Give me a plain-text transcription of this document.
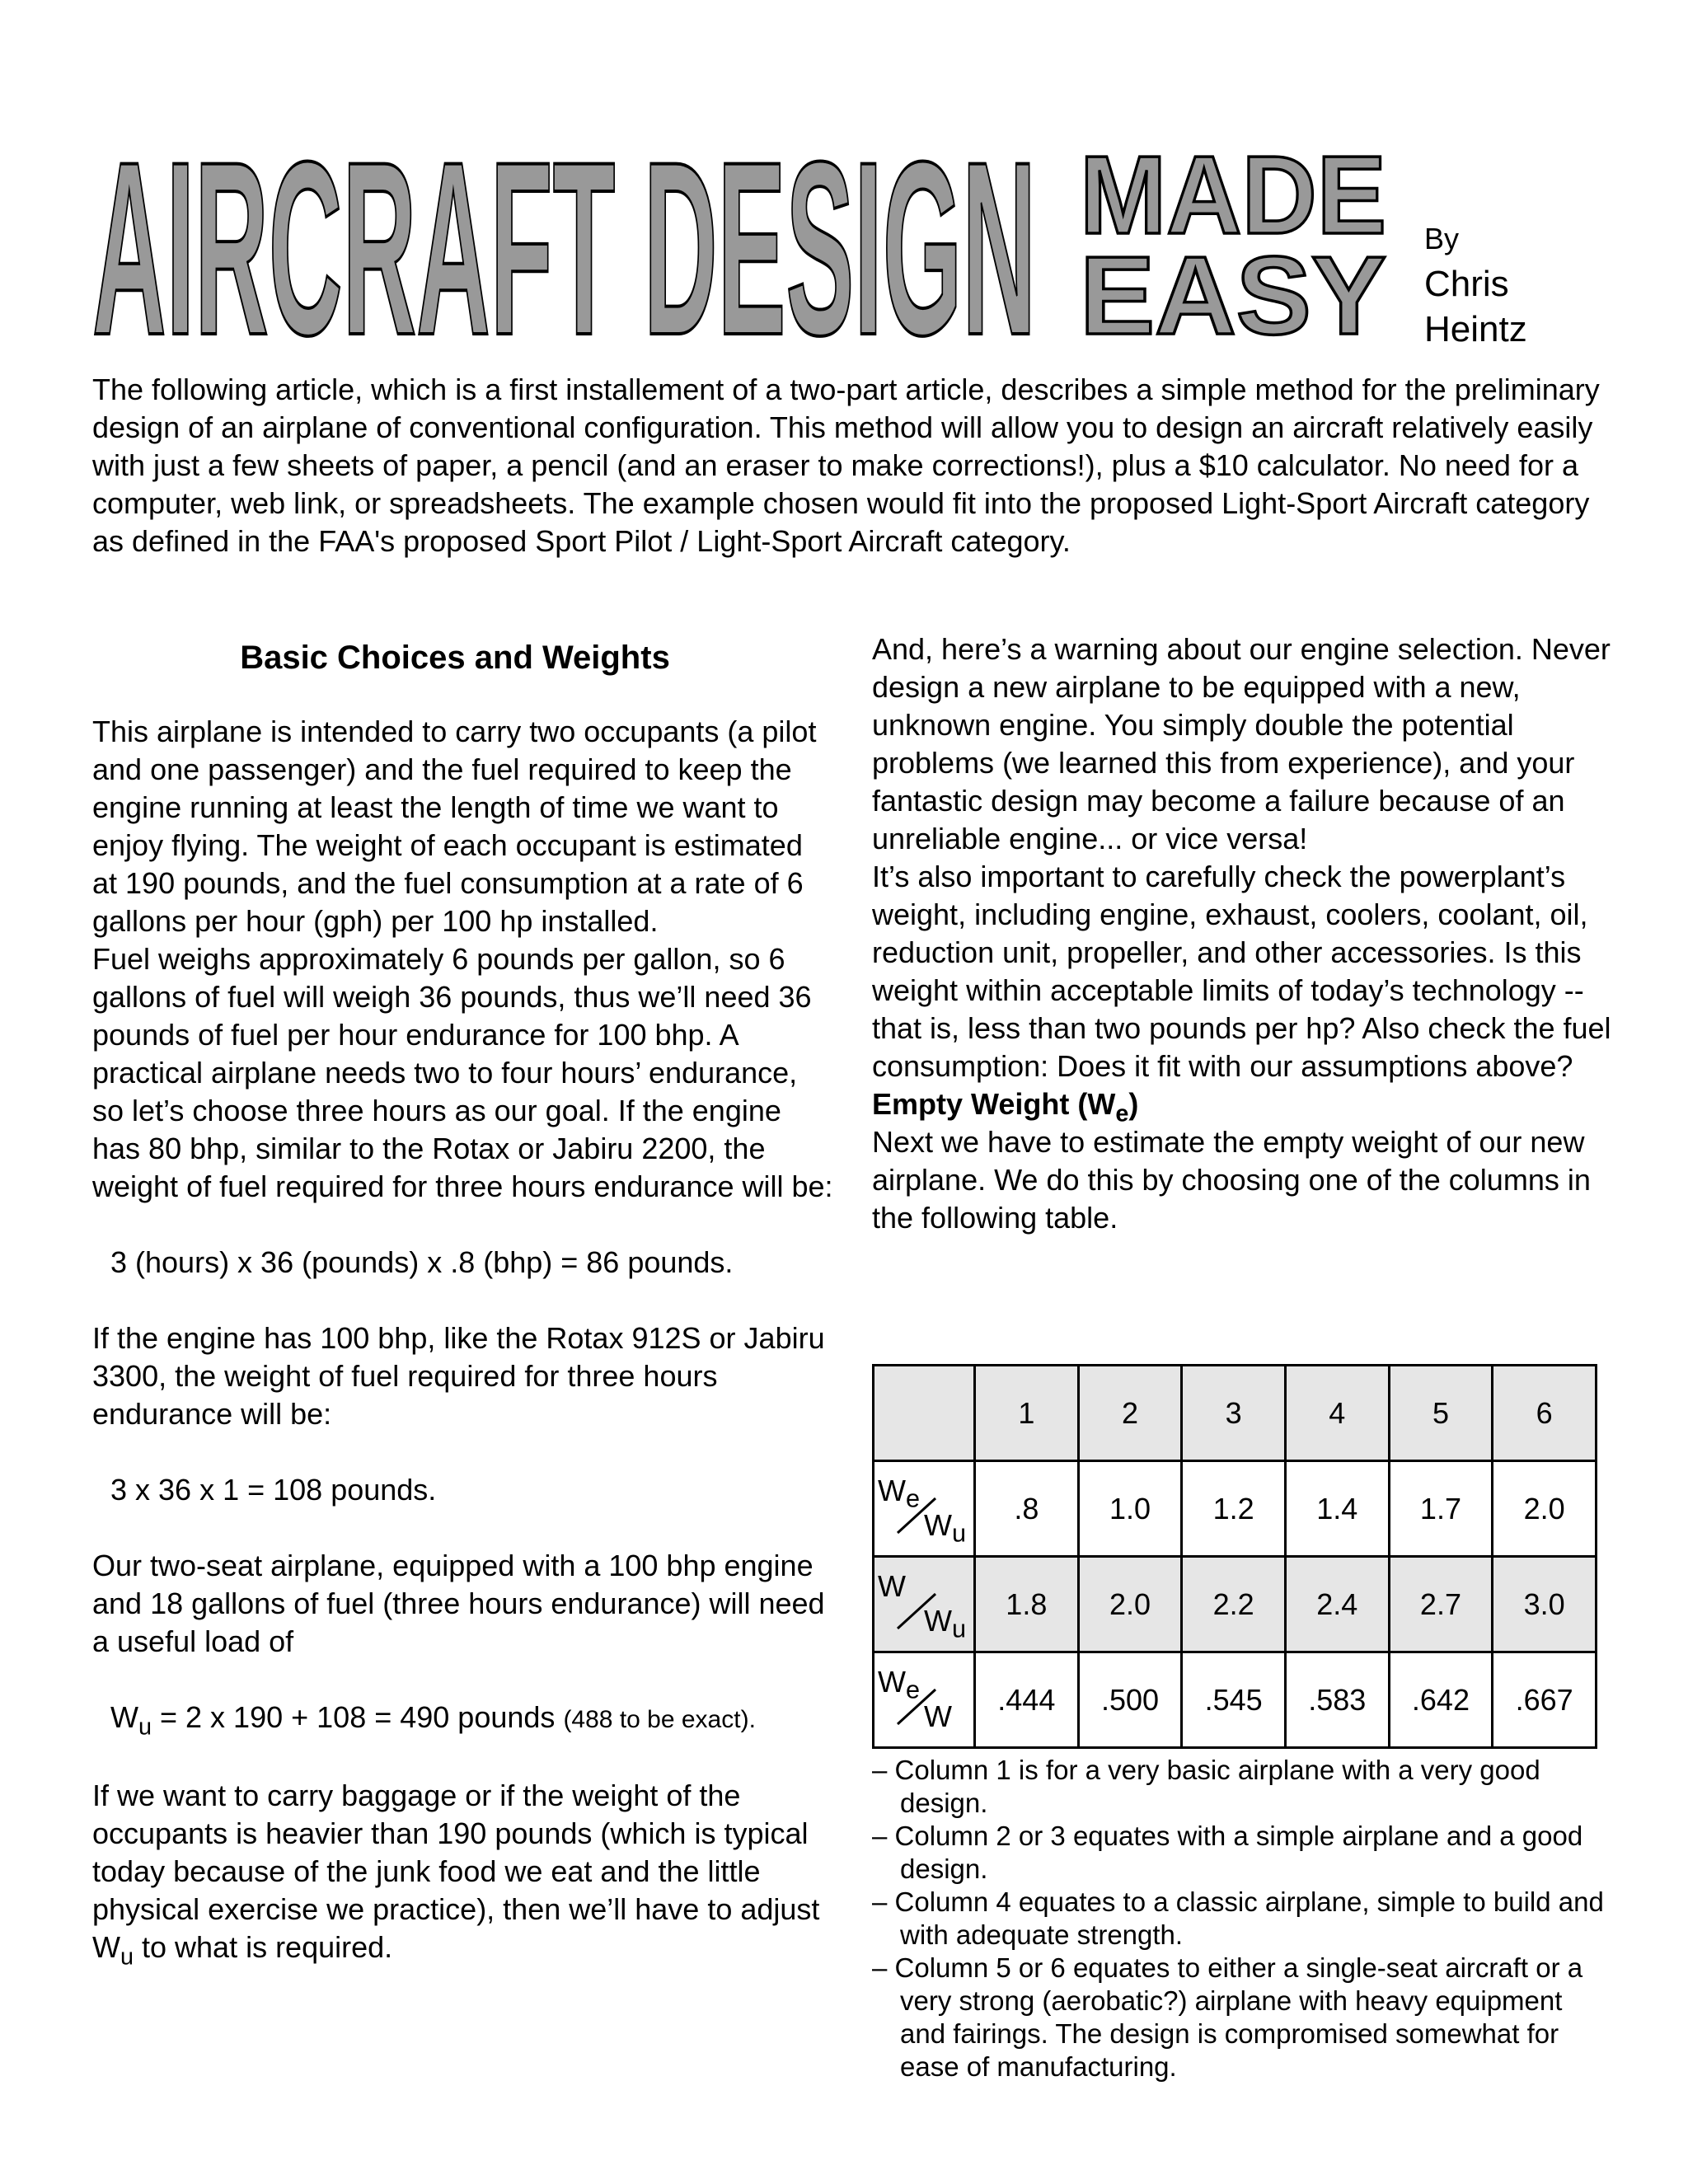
AIRCRAFT DESIGN MADE
EASY By
Chris
Heintz
The following article, which is a first installement of a two-part article, describes a simple method for the preliminary design of an airplane of conventional configuration. This method will allow you to design an aircraft relatively easily with just a few sheets of paper, a pencil (and an eraser to make corrections!), plus a $10 calculator. No need for a computer, web link, or spreadsheets. The example chosen would fit into the proposed Light-Sport Aircraft category as defined in the FAA's proposed Sport Pilot / Light-Sport Aircraft category.
Basic Choices and Weights

This airplane is intended to carry two occupants (a pilot and one passenger) and the fuel required to keep the engine running at least the length of time we want to enjoy flying. The weight of each occupant is estimated at 190 pounds, and the fuel consumption at a rate of 6 gallons per hour (gph) per 100 hp installed.

Fuel weighs approximately 6 pounds per gallon, so 6 gallons of fuel will weigh 36 pounds, thus we’ll need 36 pounds of fuel per hour endurance for 100 bhp. A practical airplane needs two to four hours’ endurance, so let’s choose three hours as our goal. If the engine has 80 bhp, similar to the Rotax or Jabiru 2200, the weight of fuel required for three hours endurance will be:

3 (hours) x 36 (pounds) x .8 (bhp) = 86 pounds.

If the engine has 100 bhp, like the Rotax 912S or Jabiru 3300, the weight of fuel required for three hours endurance will be:

3 x 36 x 1 = 108 pounds.

Our two-seat airplane, equipped with a 100 bhp engine and 18 gallons of fuel (three hours endurance) will need a useful load of

$W_u = 2$ x 190 + 108 = 490 pounds (488 to be exact).

If we want to carry baggage or if the weight of the occupants is heavier than 190 pounds (which is typical today because of the junk food we eat and the little physical exercise we practice), then we’ll have to adjust $W_u$ to what is required.

And, here’s a warning about our engine selection. Never design a new airplane to be equipped with a new, unknown engine. You simply double the potential problems (we learned this from experience), and your fantastic design may become a failure because of an unreliable engine... or vice versa!

It’s also important to carefully check the powerplant’s weight, including engine, exhaust, coolers, coolant, oil, reduction unit, propeller, and other accessories. Is this weight within acceptable limits of today’s technology -- that is, less than two pounds per hp? Also check the fuel consumption: Does it fit with our assumptions above?

Empty Weight $(W_e)$

Next we have to estimate the empty weight of our new airplane. We do this by choosing one of the columns in the following table.

	1	2	3	4	5	6

We
Wu	.8	1.0	1.2	1.4	1.7	2.0

W
Wu	1.8	2.0	2.2	2.4	2.7	3.0

We
W	.444	.500	.545	.583	.642	.667
– Column 1 is for a very basic airplane with a very good design.
– Column 2 or 3 equates with a simple airplane and a good design.
– Column 4 equates to a classic airplane, simple to build and with adequate strength.
– Column 5 or 6 equates to either a single-seat aircraft or a very strong (aerobatic?) airplane with heavy equipment and fairings. The design is compromised somewhat for ease of manufacturing.
